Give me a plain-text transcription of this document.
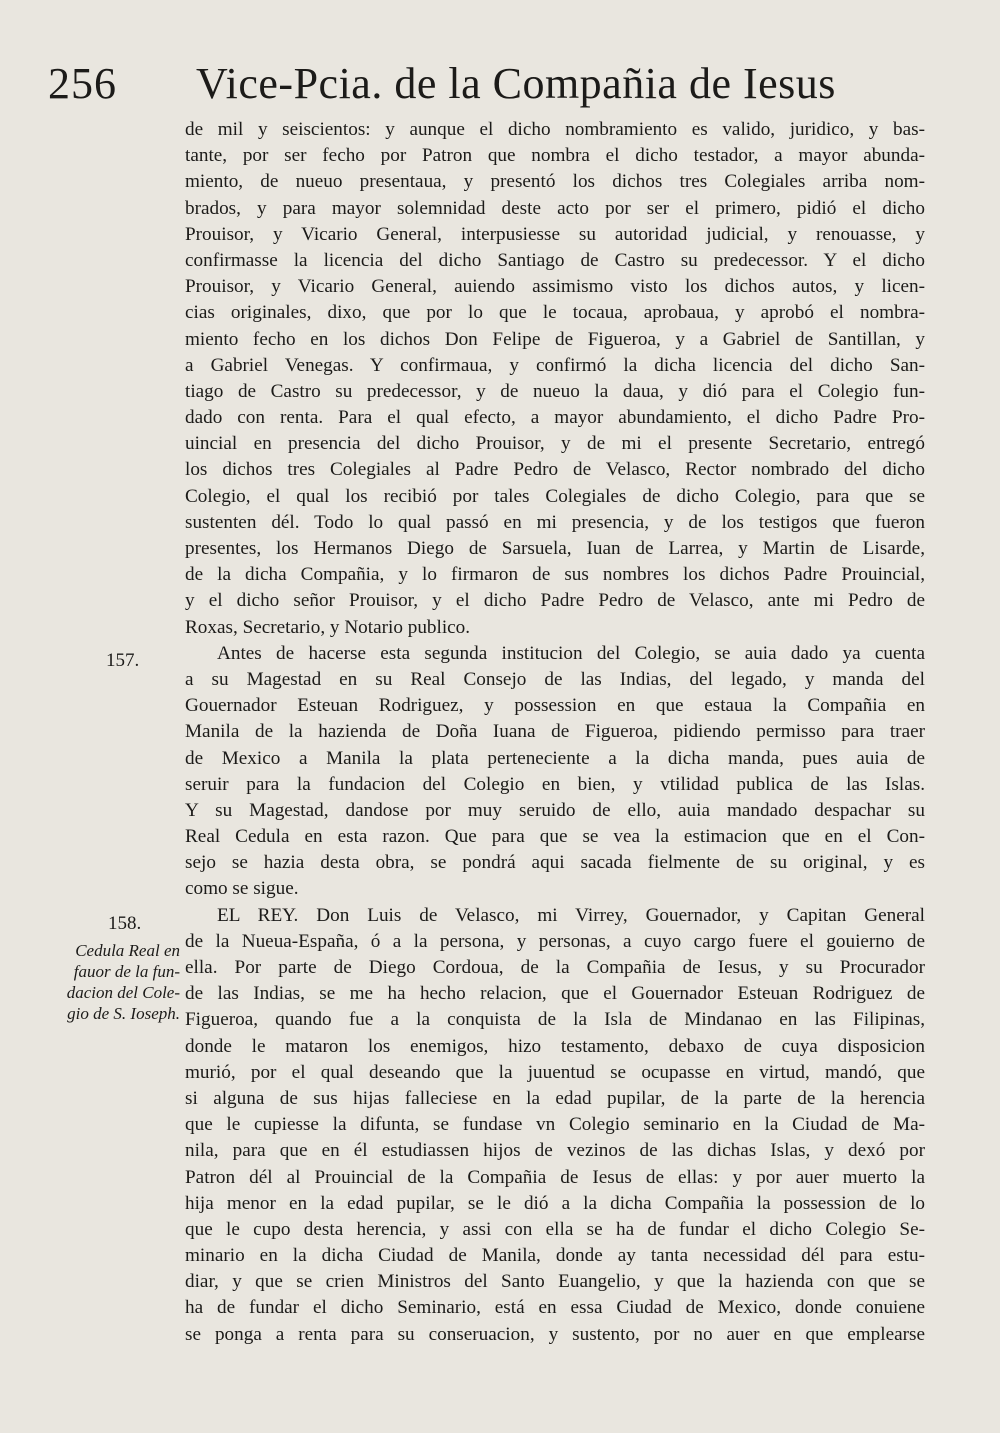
256 Vice-Pcia. de la Compañia de Iesus
157.
158.
Cedula Real en
fauor de la fun-
dacion del Cole-
gio de S. Ioseph.
de mil y seiscientos: y aunque el dicho nombramiento es valido, juridico, y bas-
tante, por ser fecho por Patron que nombra el dicho testador, a mayor abunda-
miento, de nueuo presentaua, y presentó los dichos tres Colegiales arriba nom-
brados, y para mayor solemnidad deste acto por ser el primero, pidió el dicho
Prouisor, y Vicario General, interpusiesse su autoridad judicial, y renouasse, y
confirmasse la licencia del dicho Santiago de Castro su predecessor. Y el dicho
Prouisor, y Vicario General, auiendo assimismo visto los dichos autos, y licen-
cias originales, dixo, que por lo que le tocaua, aprobaua, y aprobó el nombra-
miento fecho en los dichos Don Felipe de Figueroa, y a Gabriel de Santillan, y
a Gabriel Venegas. Y confirmaua, y confirmó la dicha licencia del dicho San-
tiago de Castro su predecessor, y de nueuo la daua, y dió para el Colegio fun-
dado con renta. Para el qual efecto, a mayor abundamiento, el dicho Padre Pro-
uincial en presencia del dicho Prouisor, y de mi el presente Secretario, entregó
los dichos tres Colegiales al Padre Pedro de Velasco, Rector nombrado del dicho
Colegio, el qual los recibió por tales Colegiales de dicho Colegio, para que se
sustenten dél. Todo lo qual passó en mi presencia, y de los testigos que fueron
presentes, los Hermanos Diego de Sarsuela, Iuan de Larrea, y Martin de Lisarde,
de la dicha Compañia, y lo firmaron de sus nombres los dichos Padre Prouincial,
y el dicho señor Prouisor, y el dicho Padre Pedro de Velasco, ante mi Pedro de
Roxas, Secretario, y Notario publico.
Antes de hacerse esta segunda institucion del Colegio, se auia dado ya cuenta
a su Magestad en su Real Consejo de las Indias, del legado, y manda del
Gouernador Esteuan Rodriguez, y possession en que estaua la Compañia en
Manila de la hazienda de Doña Iuana de Figueroa, pidiendo permisso para traer
de Mexico a Manila la plata perteneciente a la dicha manda, pues auia de
seruir para la fundacion del Colegio en bien, y vtilidad publica de las Islas.
Y su Magestad, dandose por muy seruido de ello, auia mandado despachar su
Real Cedula en esta razon. Que para que se vea la estimacion que en el Con-
sejo se hazia desta obra, se pondrá aqui sacada fielmente de su original, y es
como se sigue.
EL REY. Don Luis de Velasco, mi Virrey, Gouernador, y Capitan General
de la Nueua-España, ó a la persona, y personas, a cuyo cargo fuere el gouierno de
ella. Por parte de Diego Cordoua, de la Compañia de Iesus, y su Procurador
de las Indias, se me ha hecho relacion, que el Gouernador Esteuan Rodriguez de
Figueroa, quando fue a la conquista de la Isla de Mindanao en las Filipinas,
donde le mataron los enemigos, hizo testamento, debaxo de cuya disposicion
murió, por el qual deseando que la juuentud se ocupasse en virtud, mandó, que
si alguna de sus hijas falleciese en la edad pupilar, de la parte de la herencia
que le cupiesse la difunta, se fundase vn Colegio seminario en la Ciudad de Ma-
nila, para que en él estudiassen hijos de vezinos de las dichas Islas, y dexó por
Patron dél al Prouincial de la Compañia de Iesus de ellas: y por auer muerto la
hija menor en la edad pupilar, se le dió a la dicha Compañia la possession de lo
que le cupo desta herencia, y assi con ella se ha de fundar el dicho Colegio Se-
minario en la dicha Ciudad de Manila, donde ay tanta necessidad dél para estu-
diar, y que se crien Ministros del Santo Euangelio, y que la hazienda con que se
ha de fundar el dicho Seminario, está en essa Ciudad de Mexico, donde conuiene
se ponga a renta para su conseruacion, y sustento, por no auer en que emplearse
